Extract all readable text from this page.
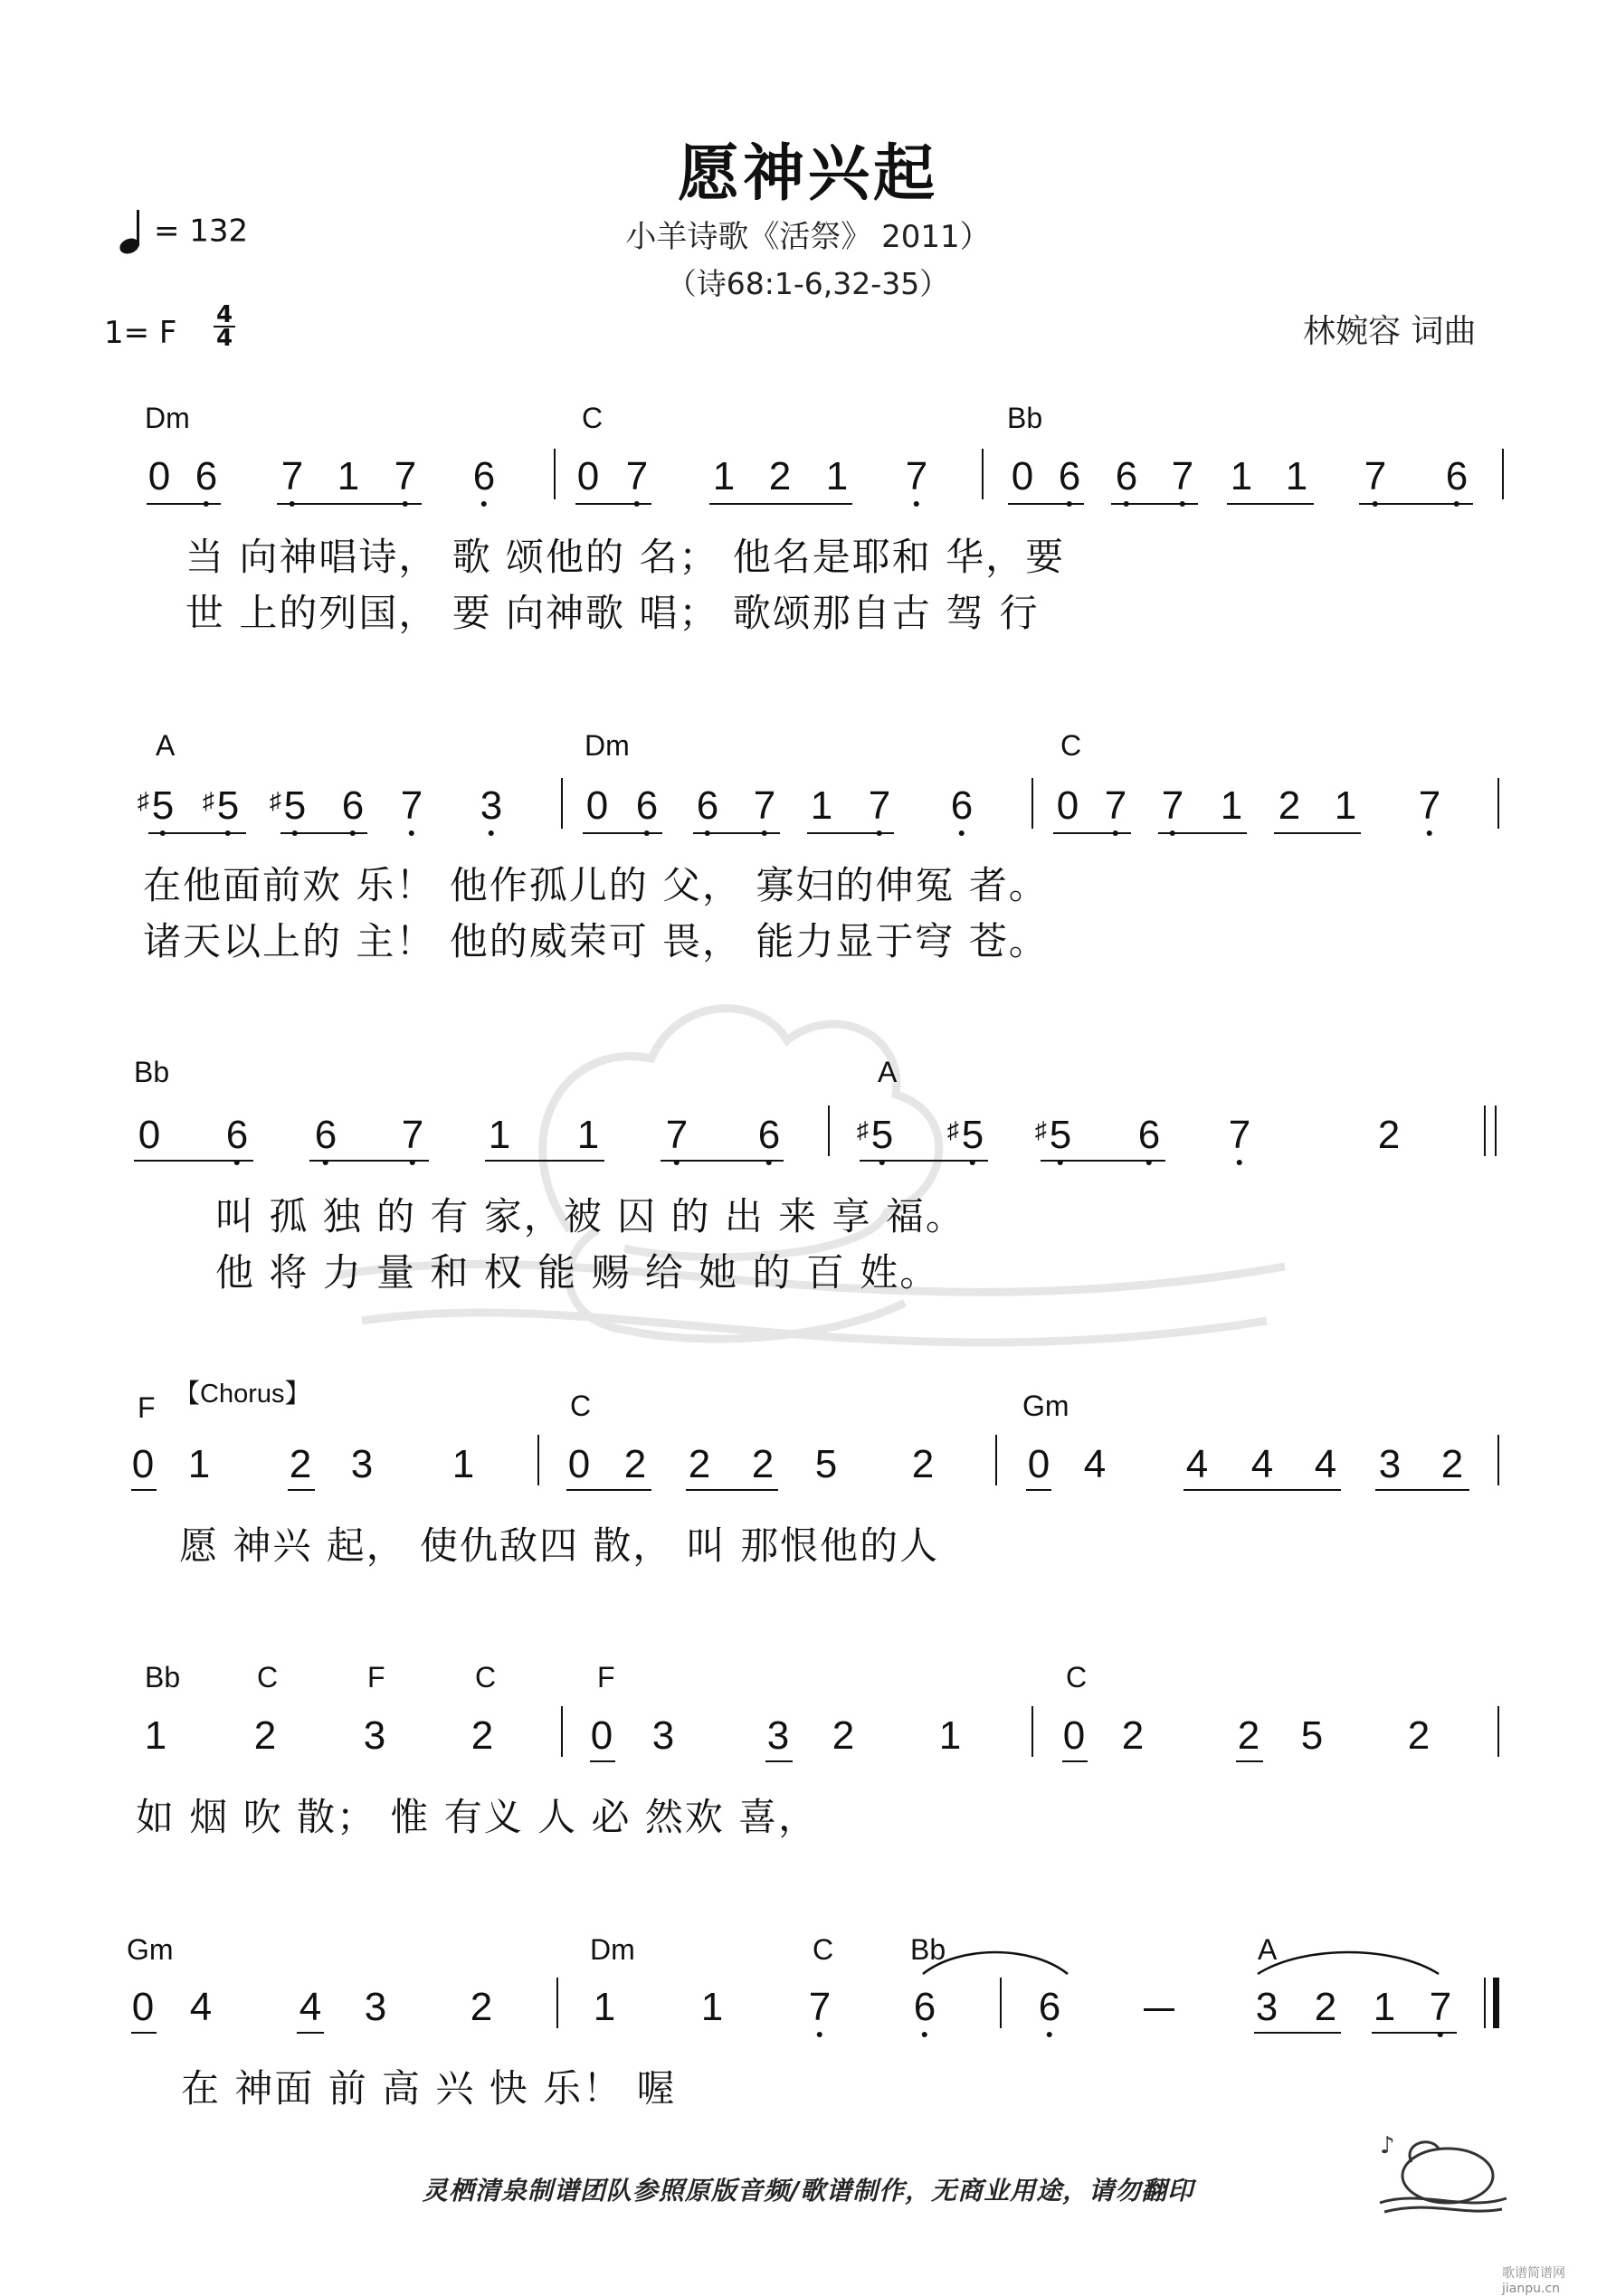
愿神兴起
小羊诗歌《活祭》 2011）
（诗68:1-6,32-35）
林婉容 词曲
= 132
1= F 4
4
Dm	C	Bb
0 6 7 1 7 6 0 7 1 2 1 7 0 6 6 7 1 1 7 6
当 向神唱诗， 歌 颂他的 名； 他名是耶和 华，要
世 上的列国， 要 向神歌 唱； 歌颂那自古 驾 行
A	Dm	C
♯ 5 ♯ 5 ♯ 5 6 7 3 0 6 6 7 1 7 6 0 7 7 1 2 1 7
在他面前欢 乐！ 他作孤儿的 父， 寡妇的伸冤 者。
诸天以上的 主！ 他的威荣可 畏， 能力显于穹 苍。
Bb	A
0 6 6 7 1 1 7 6	♯ 5 ♯ 5 ♯ 5 6 7	2
叫 孤 独 的 有 家，被 囚 的 出 来 享 福。
他 将 力 量 和 权 能 赐 给 她 的 百 姓。
F 【Chorus】	C	Gm
0 1 2 3 1 0 2 2 2 5 2 0 4 4 4 4 3 2
愿 神兴 起， 使仇敌四 散， 叫 那恨他的人
Bb	C	F	C	F	C
1 2 3 2 0 3 3 2 1	0 2 2 5 2
如 烟 吹 散； 惟 有义 人 必 然欢 喜，
Gm	Dm	C	Bb	A
0 4 4 3 2	1 1 7 6	6	3 2 1 7
在 神面 前 高 兴 快 乐！ 喔
♪
灵栖清泉制谱团队参照原版音频/歌谱制作，无商业用途，请勿翻印
歌谱简谱网 jianpu.cn
